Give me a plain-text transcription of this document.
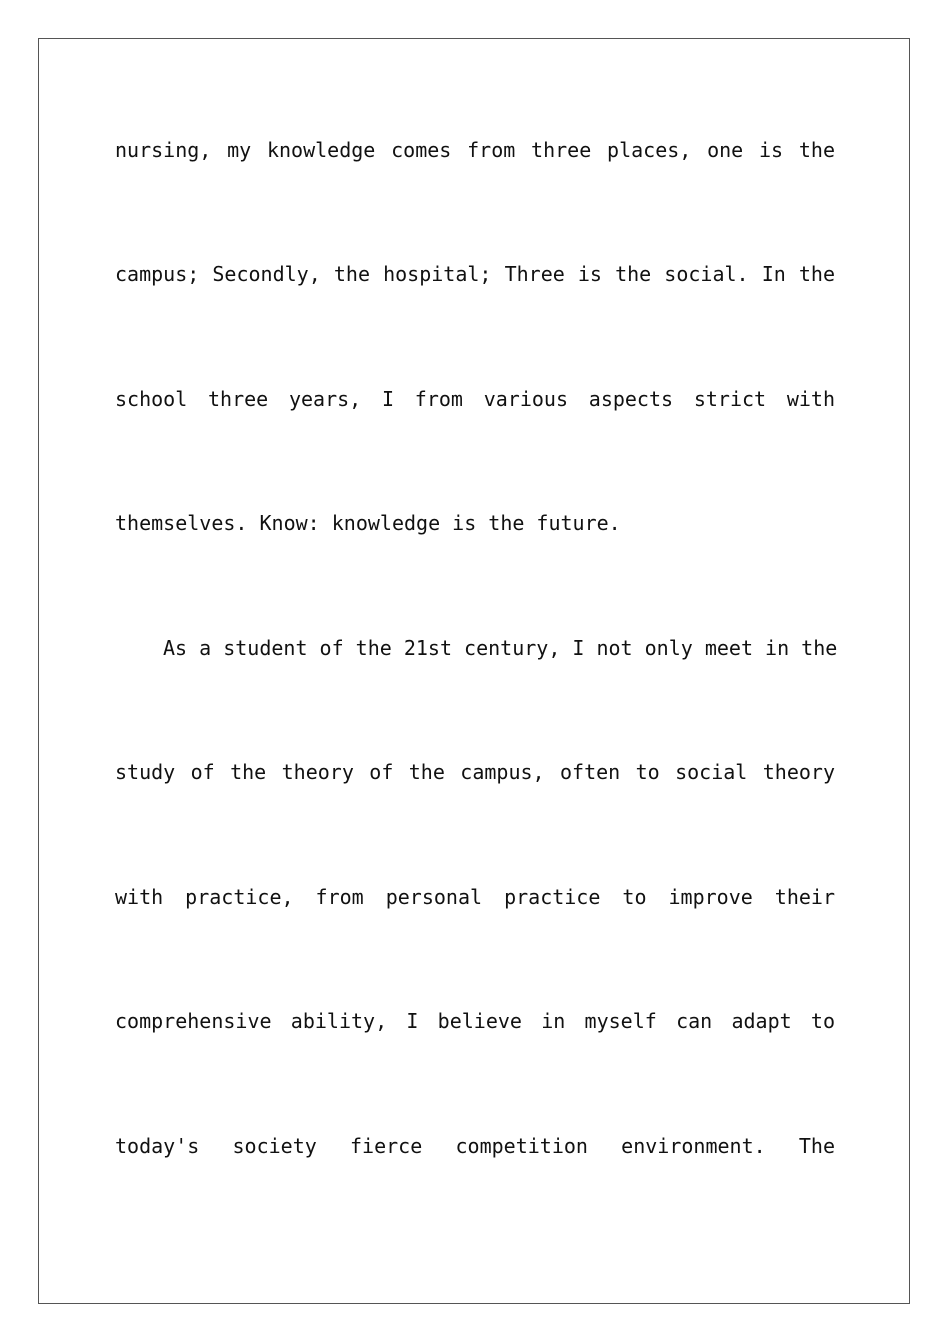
nursing, my knowledge comes from three places, one is the
campus; Secondly, the hospital; Three is the social. In the
school three years, I from various aspects strict with
themselves. Know: knowledge is the future.
As a student of the 21st century, I not only meet in the
study of the theory of the campus, often to social theory
with practice, from personal practice to improve their
comprehensive ability, I believe in myself can adapt to
today's society fierce competition environment. The
